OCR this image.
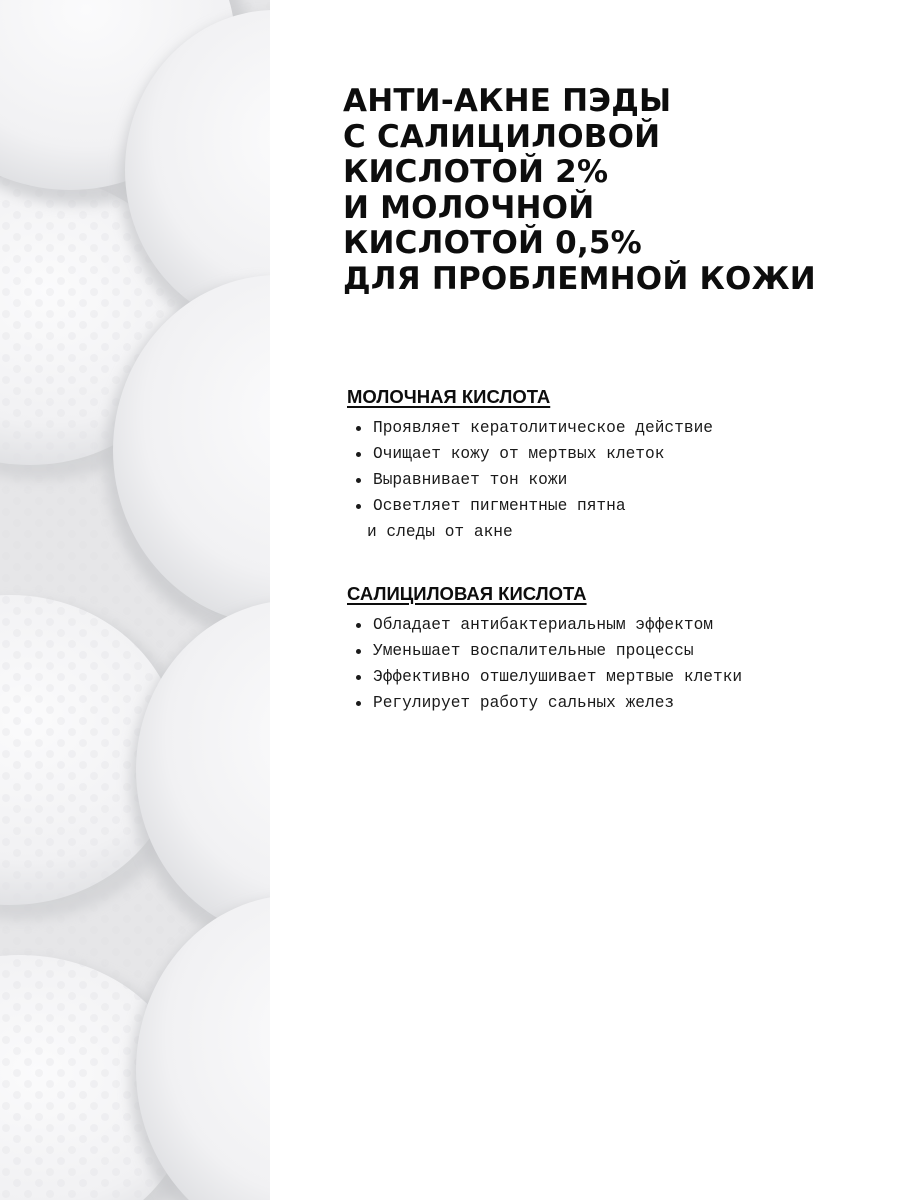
АНТИ-АКНЕ ПЭДЫ
С САЛИЦИЛОВОЙ
КИСЛОТОЙ 2%
И МОЛОЧНОЙ
КИСЛОТОЙ 0,5%
ДЛЯ ПРОБЛЕМНОЙ КОЖИ
МОЛОЧНАЯ КИСЛОТА
Проявляет кератолитическое действие
Очищает кожу от мертвых клеток
Выравнивает тон кожи
Осветляет пигментные пятна
и следы от акне
САЛИЦИЛОВАЯ КИСЛОТА
Обладает антибактериальным эффектом
Уменьшает воспалительные процессы
Эффективно отшелушивает мертвые клетки
Регулирует работу сальных желез
